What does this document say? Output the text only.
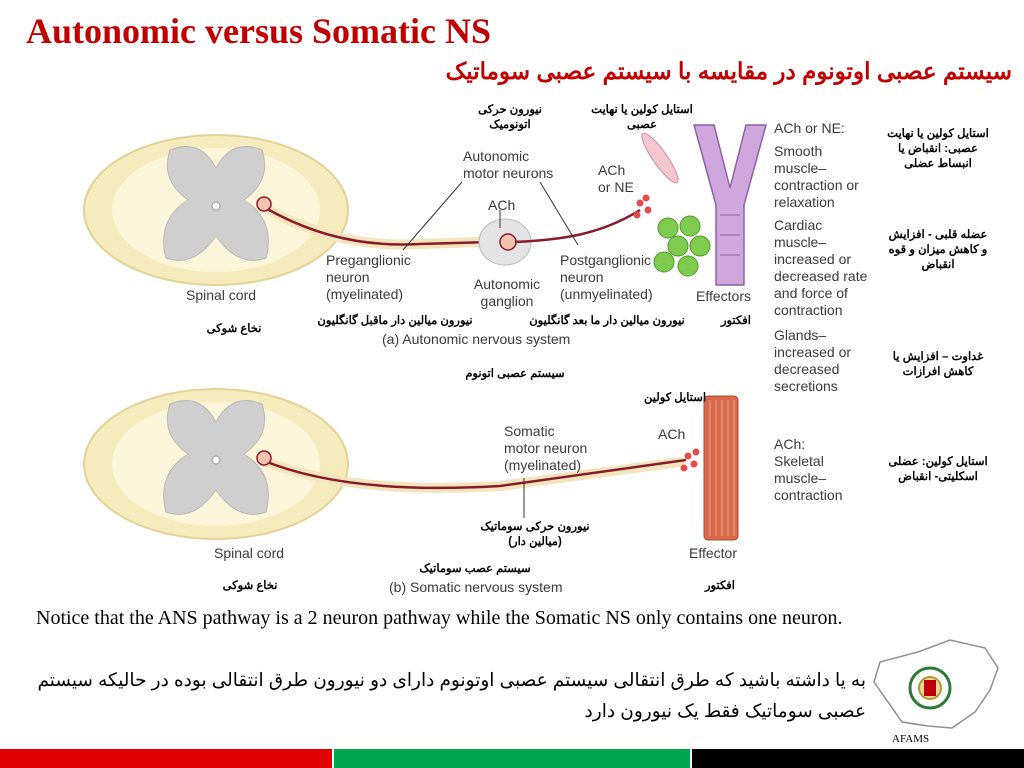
Autonomic versus Somatic NS
سیستم عصبی اوتونوم در مقایسه با سیستم عصبی سوماتیک
نیورون حرکی
اتونومیک
استایل کولین یا نهایت
عصبی
Autonomic
motor neurons	ACh
or NE
ACh
Preganglionic
neuron
(myelinated)
Autonomic
ganglion
Postganglionic
neuron
(unmyelinated)	Effectors
Spinal cord
نخاع شوکی
نیورون میالین دار ماقبل گانگلیون	نیورون میالین دار ما بعد گانگلیون	افکتور
(a) Autonomic nervous system
سیستم عصبی اتونوم
ACh or NE:
Smooth
muscle–
contraction or
relaxation
Cardiac
muscle–
increased or
decreased rate
and force of
contraction
Glands–
increased or
decreased
secretions
ACh:
Skeletal
muscle–
contraction
استایل کولین یا نهایت
عصبی: انقباض یا
انبساط عضلی
عضله قلبی - افزایش
و کاهش میزان و قوه
انقباض
غداوت – افزایش یا
کاهش افرازات
استایل کولین: عضلی
اسکلیتی- انقباض
استایل کولین
ACh
Somatic
motor neuron
(myelinated)
نیورون حرکی سوماتیک
(میالین دار)
Spinal cord	Effector
سیستم عصب سوماتیک
(b) Somatic nervous system
نخاع شوکی	افکتور
Notice that the ANS pathway is a 2 neuron pathway while the Somatic NS only contains one neuron.
به یا داشته باشید که طرق انتقالی سیستم عصبی اوتونوم دارای دو نیورون طرق انتقالی بوده در حالیکه سیستم عصبی سوماتیک فقط یک نیورون دارد
AFAMS
